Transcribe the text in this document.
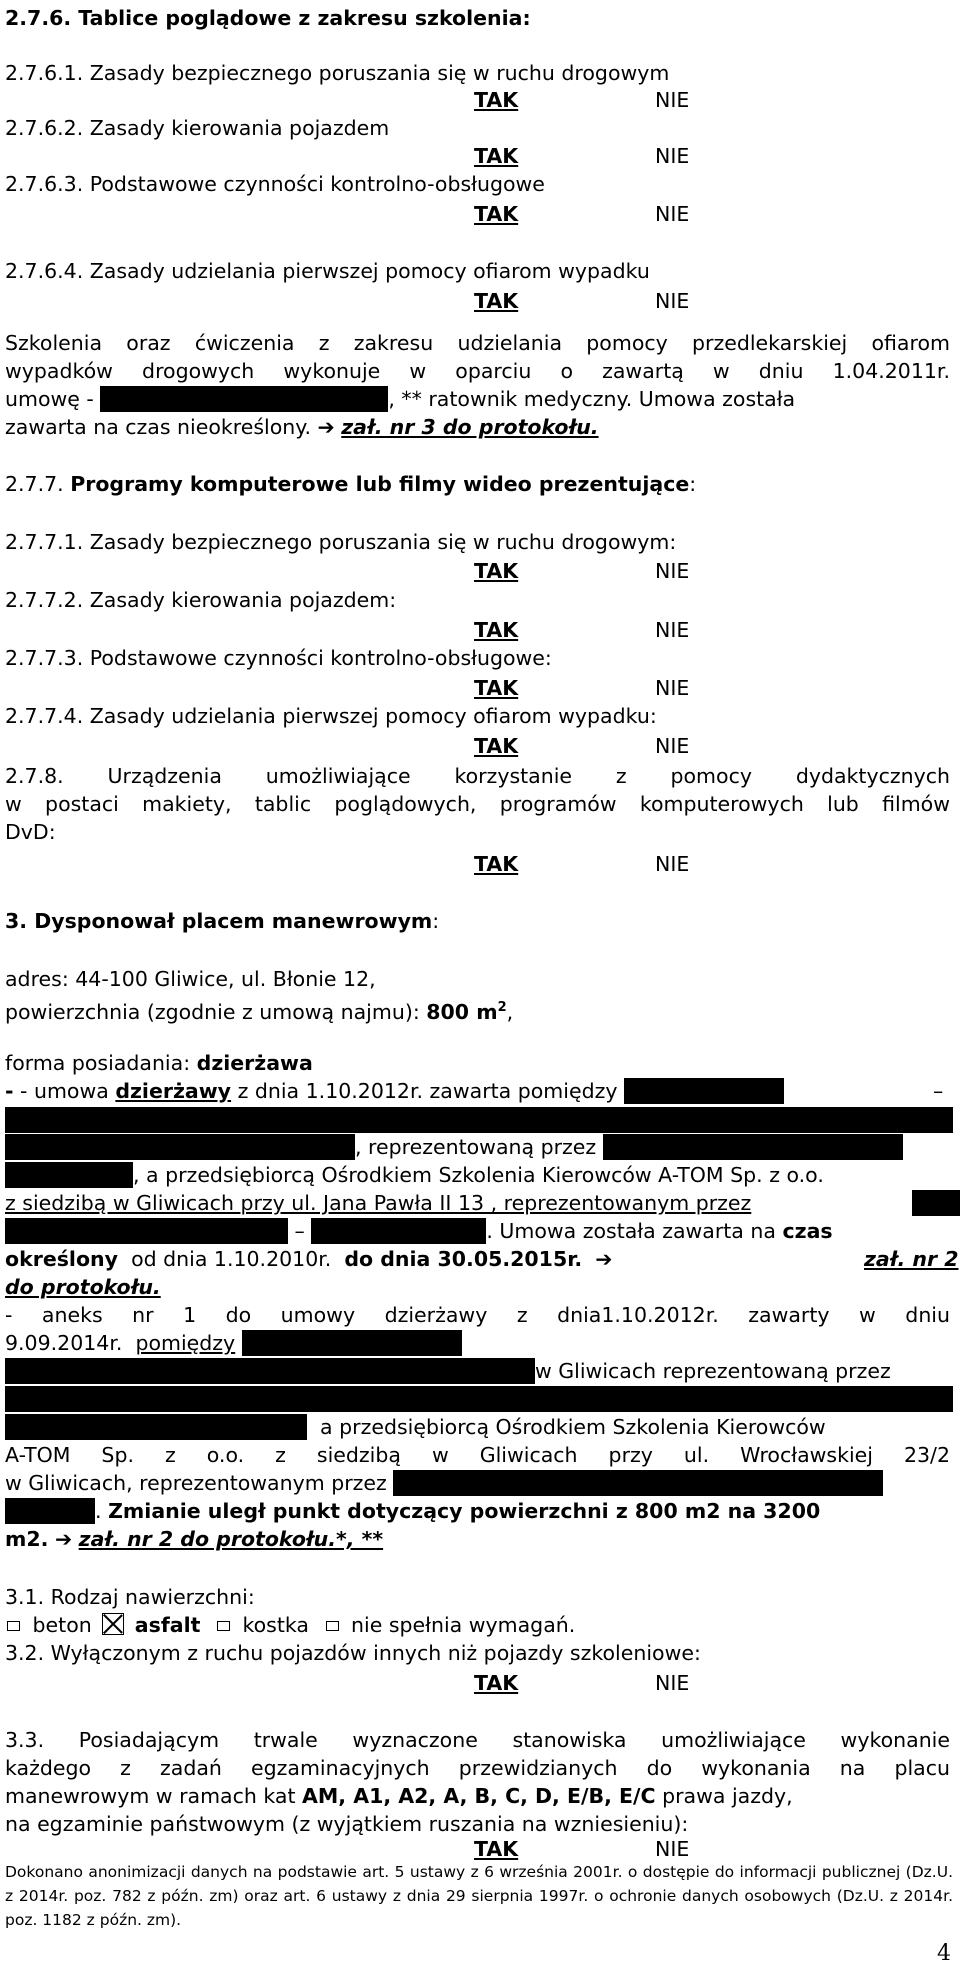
2.7.6. Tablice poglądowe z zakresu szkolenia:
2.7.6.1. Zasady bezpiecznego poruszania się w ruchu drogowym
TAK	NIE
2.7.6.2. Zasady kierowania pojazdem
TAK	NIE
2.7.6.3. Podstawowe czynności kontrolno-obsługowe
TAK	NIE
2.7.6.4. Zasady udzielania pierwszej pomocy ofiarom wypadku
TAK	NIE
Szkolenia oraz ćwiczenia z zakresu udzielania pomocy przedlekarskiej ofiarom
wypadków drogowych wykonuje w oparciu o zawartą w dniu 1.04.2011r.
umowę -	, ** ratownik medyczny. Umowa została
zawarta na czas nieokreślony. ➔ zał. nr 3 do protokołu.
2.7.7. Programy komputerowe lub filmy wideo prezentujące:
2.7.7.1. Zasady bezpiecznego poruszania się w ruchu drogowym:
TAK	NIE
2.7.7.2. Zasady kierowania pojazdem:
TAK	NIE
2.7.7.3. Podstawowe czynności kontrolno-obsługowe:
TAK	NIE
2.7.7.4. Zasady udzielania pierwszej pomocy ofiarom wypadku:
TAK	NIE
2.7.8. Urządzenia umożliwiające korzystanie z pomocy dydaktycznych
w postaci makiety, tablic poglądowych, programów komputerowych lub filmów
DvD:
TAK	NIE
3. Dysponował placem manewrowym:
adres: 44-100 Gliwice, ul. Błonie 12,
powierzchnia (zgodnie z umową najmu): 800 $m^2$,
forma posiadania: dzierżawa
- - umowa dzierżawy z dnia 1.10.2012r. zawarta pomiędzy	–
, reprezentowaną przez
, a przedsiębiorcą Ośrodkiem Szkolenia Kierowców A-TOM Sp. z o.o.
z siedzibą w Gliwicach przy ul. Jana Pawła II 13 , reprezentowanym przez
–	. Umowa została zawarta na czas
określony od dnia 1.10.2010r. do dnia 30.05.2015r. ➔	zał. nr 2
do protokołu.
- aneks nr 1 do umowy dzierżawy z dnia1.10.2012r. zawarty w dniu
9.09.2014r. pomiędzy
w Gliwicach reprezentowaną przez
a przedsiębiorcą Ośrodkiem Szkolenia Kierowców
A-TOM Sp. z o.o. z siedzibą w Gliwicach przy ul. Wrocławskiej 23/2
w Gliwicach, reprezentowanym przez
. Zmianie uległ punkt dotyczący powierzchni z 800 m2 na 3200
m2. ➔ zał. nr 2 do protokołu.*, **
3.1. Rodzaj nawierzchni:
beton asfalt kostka nie spełnia wymagań.
3.2. Wyłączonym z ruchu pojazdów innych niż pojazdy szkoleniowe:
TAK	NIE
3.3. Posiadającym trwale wyznaczone stanowiska umożliwiające wykonanie
każdego z zadań egzaminacyjnych przewidzianych do wykonania na placu
manewrowym w ramach kat AM, A1, A2, A, B, C, D, E/B, E/C prawa jazdy,
na egzaminie państwowym (z wyjątkiem ruszania na wzniesieniu):
TAK	NIE
Dokonano anonimizacji danych na podstawie art. 5 ustawy z 6 września 2001r. o dostępie do informacji publicznej (Dz.U. z 2014r. poz. 782 z późn. zm) oraz art. 6 ustawy z dnia 29 sierpnia 1997r. o ochronie danych osobowych (Dz.U. z 2014r. poz. 1182 z późn. zm).
4
